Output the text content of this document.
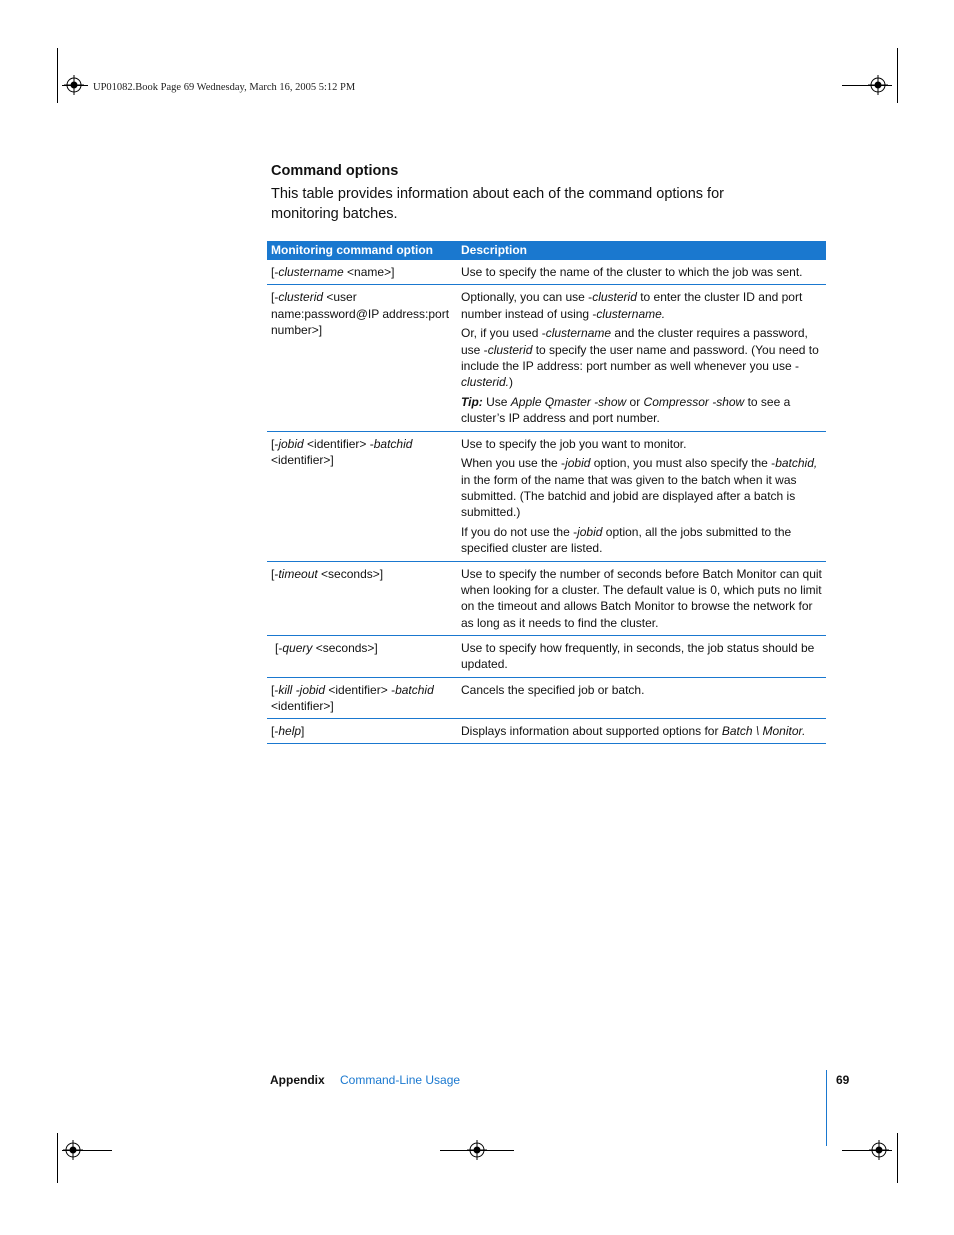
UP01082.Book Page 69 Wednesday, March 16, 2005 5:12 PM
Command options
This table provides information about each of the command options for monitoring batches.
Monitoring command option	Description

[-clustername <name>]	Use to specify the name of the cluster to which the job was sent.

[-clusterid <user name:password@IP address:port number>]	Optionally, you can use -clusterid to enter the cluster ID and port number instead of using -clustername.

Or, if you used -clustername and the cluster requires a password, use -clusterid to specify the user name and password. (You need to include the IP address: port number as well whenever you use -clusterid.)

Tip: Use Apple Qmaster -show or Compressor -show to see a cluster’s IP address and port number.

[-jobid <identifier> -batchid <identifier>]	Use to specify the job you want to monitor.

When you use the -jobid option, you must also specify the -batchid, in the form of the name that was given to the batch when it was submitted. (The batchid and jobid are displayed after a batch is submitted.)

If you do not use the -jobid option, all the jobs submitted to the specified cluster are listed.

[-timeout <seconds>]	Use to specify the number of seconds before Batch Monitor can quit when looking for a cluster. The default value is 0, which puts no limit on the timeout and allows Batch Monitor to browse the network for as long as it needs to find the cluster.

[-query <seconds>]	Use to specify how frequently, in seconds, the job status should be updated.

[-kill -jobid <identifier> -batchid <identifier>]	Cancels the specified job or batch.

[-help]	Displays information about supported options for Batch \ Monitor.

Appendix Command-Line Usage	69
